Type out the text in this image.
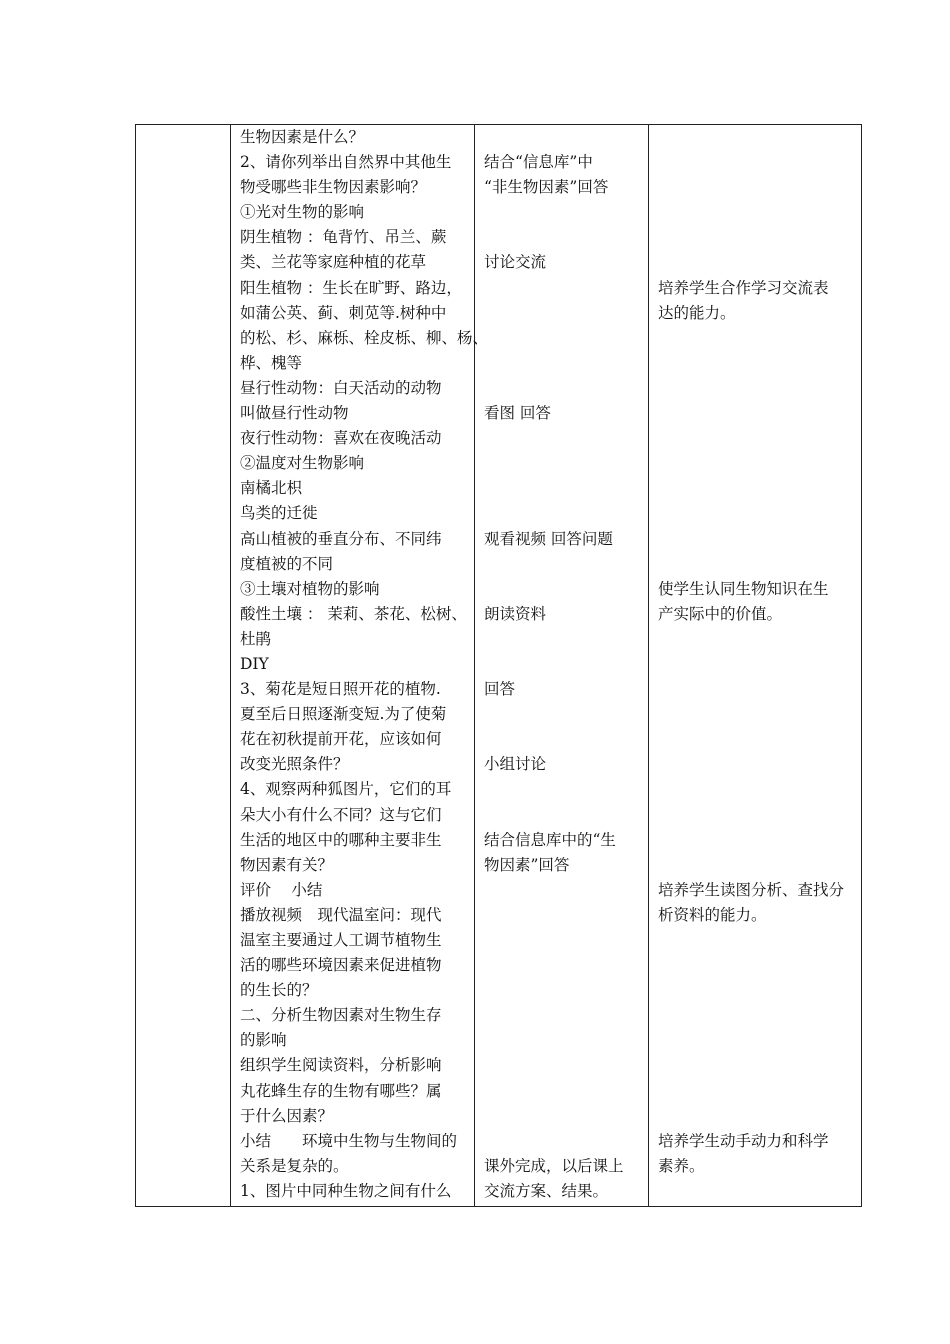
生物因素是什么？
2、请你列举出自然界中其他生
物受哪些非生物因素影响？
①光对生物的影响
阴生植物 ：龟背竹、吊兰、蕨
类、兰花等家庭种植的花草
阳生植物 ：生长在旷野、路边，
如蒲公英、蓟、刺苋等.树种中
的松、杉、麻栎、栓皮栎、柳、杨、
桦、槐等
昼行性动物：白天活动的动物
叫做昼行性动物
夜行性动物：喜欢在夜晚活动
②温度对生物影响
南橘北枳
鸟类的迁徙
高山植被的垂直分布、不同纬
度植被的不同
③土壤对植物的影响
酸性土壤 ： 茉莉、茶花、松树、
杜鹃
DIY
3、菊花是短日照开花的植物.
夏至后日照逐渐变短.为了使菊
花在初秋提前开花，应该如何
改变光照条件？
4、观察两种狐图片，它们的耳
朵大小有什么不同？这与它们
生活的地区中的哪种主要非生
物因素有关？
评价　 小结
播放视频　现代温室问：现代
温室主要通过人工调节植物生
活的哪些环境因素来促进植物
的生长的？
二、分析生物因素对生物生存
的影响
组织学生阅读资料，分析影响
丸花蜂生存的生物有哪些？属
于什么因素？
小结　　环境中生物与生物间的
关系是复杂的。
1、图片中同种生物之间有什么
结合“信息库”中
“非生物因素”回答
讨论交流
看图 回答
观看视频 回答问题
朗读资料
回答
小组讨论
结合信息库中的“生
物因素”回答
课外完成，以后课上
交流方案、结果。
培养学生合作学习交流表
达的能力。
使学生认同生物知识在生
产实际中的价值。
培养学生读图分析、查找分
析资料的能力。
培养学生动手动力和科学
素养。
